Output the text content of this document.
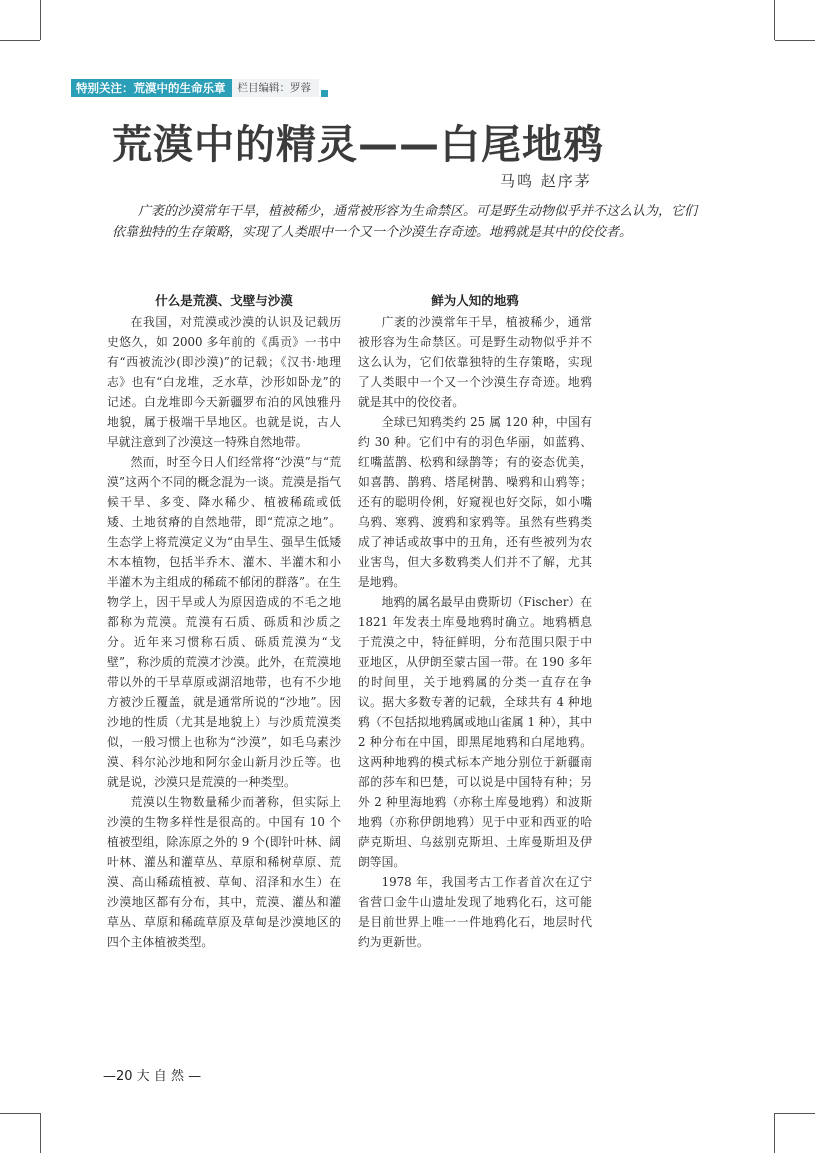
特别关注：荒漠中的生命乐章	栏目编辑：罗蓉
荒漠中的精灵——白尾地鸦
马鸣 赵序茅

广袤的沙漠常年干旱，植被稀少，通常被形容为生命禁区。可是野生动物似乎并不这么认为，它们依靠独特的生存策略，实现了人类眼中一个又一个沙漠生存奇迹。地鸦就是其中的佼佼者。

什么是荒漠、戈壁与沙漠

在我国，对荒漠或沙漠的认识及记载历史悠久，如 2000 多年前的《禹贡》一书中有“西被流沙(即沙漠)”的记载；《汉书·地理志》也有“白龙堆，乏水草，沙形如卧龙”的记述。白龙堆即今天新疆罗布泊的风蚀雅丹地貌，属于极端干旱地区。也就是说，古人早就注意到了沙漠这一特殊自然地带。

然而，时至今日人们经常将“沙漠”与“荒漠”这两个不同的概念混为一谈。荒漠是指气候干旱、多变、降水稀少、植被稀疏或低矮、土地贫瘠的自然地带，即“荒凉之地”。生态学上将荒漠定义为“由旱生、强旱生低矮木本植物，包括半乔木、灌木、半灌木和小半灌木为主组成的稀疏不郁闭的群落”。在生物学上，因干旱或人为原因造成的不毛之地都称为荒漠。荒漠有石质、砾质和沙质之分。近年来习惯称石质、砾质荒漠为“戈壁”，称沙质的荒漠才沙漠。此外，在荒漠地带以外的干旱草原或湖沼地带，也有不少地方被沙丘覆盖，就是通常所说的“沙地”。因沙地的性质（尤其是地貌上）与沙质荒漠类似，一般习惯上也称为“沙漠”，如毛乌素沙漠、科尔沁沙地和阿尔金山新月沙丘等。也就是说，沙漠只是荒漠的一种类型。

荒漠以生物数量稀少而著称，但实际上沙漠的生物多样性是很高的。中国有 10 个植被型组，除冻原之外的 9 个(即针叶林、阔叶林、灌丛和灌草丛、草原和稀树草原、荒漠、高山稀疏植被、草甸、沼泽和水生）在沙漠地区都有分布，其中，荒漠、灌丛和灌草丛、草原和稀疏草原及草甸是沙漠地区的四个主体植被类型。

鲜为人知的地鸦

广袤的沙漠常年干旱，植被稀少，通常被形容为生命禁区。可是野生动物似乎并不这么认为，它们依靠独特的生存策略，实现了人类眼中一个又一个沙漠生存奇迹。地鸦就是其中的佼佼者。

全球已知鸦类约 25 属 120 种，中国有约 30 种。它们中有的羽色华丽，如蓝鸦、红嘴蓝鹊、松鸦和绿鹊等；有的姿态优美，如喜鹊、鹊鸦、塔尾树鹊、噪鸦和山鸦等；还有的聪明伶俐，好窥视也好交际，如小嘴乌鸦、寒鸦、渡鸦和家鸦等。虽然有些鸦类成了神话或故事中的丑角，还有些被列为农业害鸟，但大多数鸦类人们并不了解，尤其是地鸦。

地鸦的属名最早由费斯切（Fischer）在 1821 年发表土库曼地鸦时确立。地鸦栖息于荒漠之中，特征鲜明，分布范围只限于中亚地区，从伊朗至蒙古国一带。在 190 多年的时间里，关于地鸦属的分类一直存在争议。据大多数专著的记载，全球共有 4 种地鸦（不包括拟地鸦属或地山雀属 1 种），其中 2 种分布在中国，即黑尾地鸦和白尾地鸦。这两种地鸦的模式标本产地分别位于新疆南部的莎车和巴楚，可以说是中国特有种；另外 2 种里海地鸦（亦称土库曼地鸦）和波斯地鸦（亦称伊朗地鸦）见于中亚和西亚的哈萨克斯坦、乌兹别克斯坦、土库曼斯坦及伊朗等国。

1978 年，我国考古工作者首次在辽宁省营口金牛山遗址发现了地鸦化石，这可能是目前世界上唯一一件地鸦化石，地层时代约为更新世。

—20 大 自 然 —
